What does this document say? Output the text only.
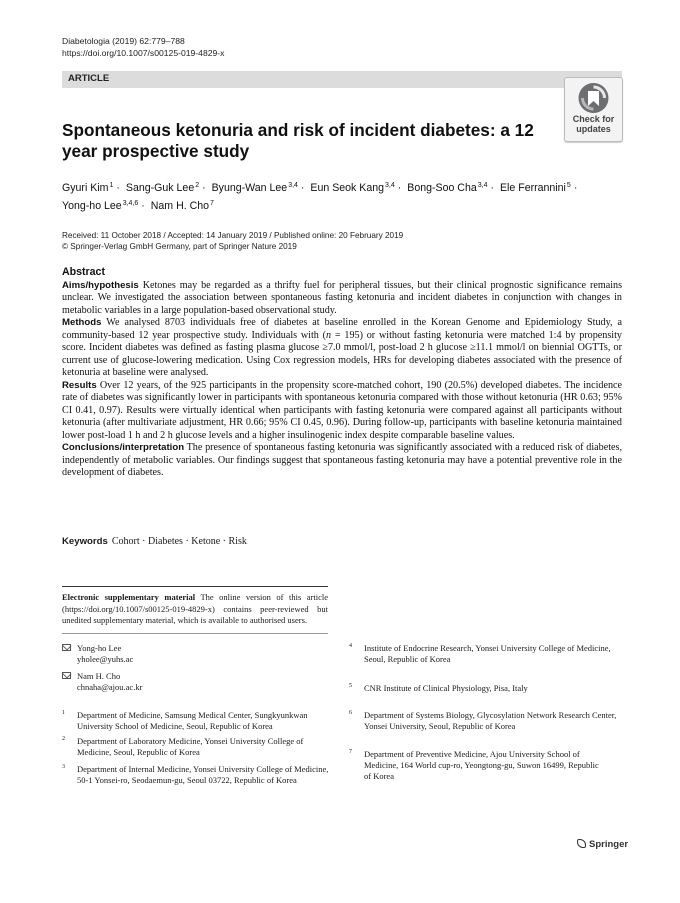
Diabetologia (2019) 62:779–788
https://doi.org/10.1007/s00125-019-4829-x
ARTICLE
Check for
updates
Spontaneous ketonuria and risk of incident diabetes: a 12 year prospective study
Gyuri Kim$^1$ · Sang-Guk Lee$^2$ · Byung-Wan Lee$^{3,4}$ · Eun Seok Kang$^{3,4}$ · Bong-Soo Cha$^{3,4}$ · Ele Ferrannini$^5$ ·
Yong-ho Lee$^{3,4,6}$ · Nam H. Cho$^7$
Received: 11 October 2018 / Accepted: 14 January 2019 / Published online: 20 February 2019
© Springer-Verlag GmbH Germany, part of Springer Nature 2019
Abstract

Aims/hypothesis Ketones may be regarded as a thrifty fuel for peripheral tissues, but their clinical prognostic significance remains unclear. We investigated the association between spontaneous fasting ketonuria and incident diabetes in conjunction with changes in metabolic variables in a large population-based observational study.

Methods We analysed 8703 individuals free of diabetes at baseline enrolled in the Korean Genome and Epidemiology Study, a community-based 12 year prospective study. Individuals with (n = 195) or without fasting ketonuria were matched 1:4 by propensity score. Incident diabetes was defined as fasting plasma glucose ≥7.0 mmol/l, post-load 2 h glucose ≥11.1 mmol/l on biennial OGTTs, or current use of glucose-lowering medication. Using Cox regression models, HRs for developing diabetes associated with the presence of ketonuria at baseline were analysed.

Results Over 12 years, of the 925 participants in the propensity score-matched cohort, 190 (20.5%) developed diabetes. The incidence rate of diabetes was significantly lower in participants with spontaneous ketonuria compared with those without ketonuria (HR 0.63; 95% CI 0.41, 0.97). Results were virtually identical when participants with fasting ketonuria were compared against all participants without ketonuria (after multivariate adjustment, HR 0.66; 95% CI 0.45, 0.96). During follow-up, participants with baseline ketonuria maintained lower post-load 1 h and 2 h glucose levels and a higher insulinogenic index despite comparable baseline values.

Conclusions/interpretation The presence of spontaneous fasting ketonuria was significantly associated with a reduced risk of diabetes, independently of metabolic variables. Our findings suggest that spontaneous fasting ketonuria may have a potential preventive role in the development of diabetes.

Keywords Cohort · Diabetes · Ketone · Risk
Electronic supplementary material The online version of this article (https://doi.org/10.1007/s00125-019-4829-x) contains peer-reviewed but unedited supplementary material, which is available to authorised users.
Yong-ho Lee
yholee@yuhs.ac
Nam H. Cho
chnaha@ajou.ac.kr
1 Department of Medicine, Samsung Medical Center, Sungkyunkwan University School of Medicine, Seoul, Republic of Korea
2 Department of Laboratory Medicine, Yonsei University College of Medicine, Seoul, Republic of Korea
3 Department of Internal Medicine, Yonsei University College of Medicine, 50-1 Yonsei-ro, Seodaemun-gu, Seoul 03722, Republic of Korea
4 Institute of Endocrine Research, Yonsei University College of Medicine, Seoul, Republic of Korea
5 CNR Institute of Clinical Physiology, Pisa, Italy
6 Department of Systems Biology, Glycosylation Network Research Center, Yonsei University, Seoul, Republic of Korea
7 Department of Preventive Medicine, Ajou University School of Medicine, 164 World cup-ro, Yeongtong-gu, Suwon 16499, Republic of Korea
Springer
